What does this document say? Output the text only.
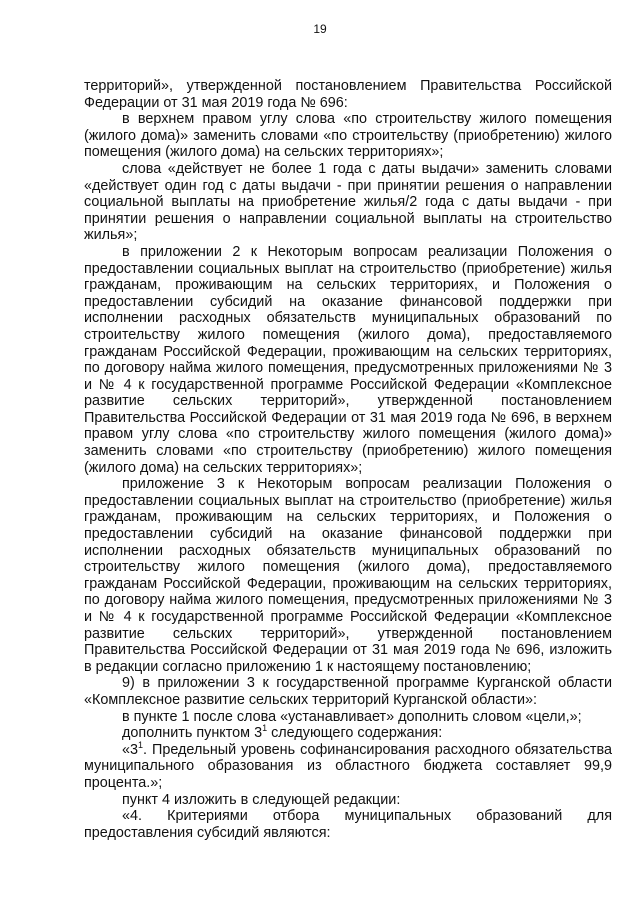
19

территорий», утвержденной постановлением Правительства Российской Федерации от 31 мая 2019 года № 696:

в верхнем правом углу слова «по строительству жилого помещения (жилого дома)» заменить словами «по строительству (приобретению) жилого помещения (жилого дома) на сельских территориях»;

слова «действует не более 1 года с даты выдачи» заменить словами «действует один год с даты выдачи - при принятии решения о направлении социальной выплаты на приобретение жилья/2 года с даты выдачи - при принятии решения о направлении социальной выплаты на строительство жилья»;

в приложении 2 к Некоторым вопросам реализации Положения о предоставлении социальных выплат на строительство (приобретение) жилья гражданам, проживающим на сельских территориях, и Положения о предоставлении субсидий на оказание финансовой поддержки при исполнении расходных обязательств муниципальных образований по строительству жилого помещения (жилого дома), предоставляемого гражданам Российской Федерации, проживающим на сельских территориях, по договору найма жилого помещения, предусмотренных приложениями № 3 и № 4 к государственной программе Российской Федерации «Комплексное развитие сельских территорий», утвержденной постановлением Правительства Российской Федерации от 31 мая 2019 года № 696, в верхнем правом углу слова «по строительству жилого помещения (жилого дома)» заменить словами «по строительству (приобретению) жилого помещения (жилого дома) на сельских территориях»;

приложение 3 к Некоторым вопросам реализации Положения о предоставлении социальных выплат на строительство (приобретение) жилья гражданам, проживающим на сельских территориях, и Положения о предоставлении субсидий на оказание финансовой поддержки при исполнении расходных обязательств муниципальных образований по строительству жилого помещения (жилого дома), предоставляемого гражданам Российской Федерации, проживающим на сельских территориях, по договору найма жилого помещения, предусмотренных приложениями № 3 и № 4 к государственной программе Российской Федерации «Комплексное развитие сельских территорий», утвержденной постановлением Правительства Российской Федерации от 31 мая 2019 года № 696, изложить в редакции согласно приложению 1 к настоящему постановлению;

9) в приложении 3 к государственной программе Курганской области «Комплексное развитие сельских территорий Курганской области»:

в пункте 1 после слова «устанавливает» дополнить словом «цели,»;

дополнить пунктом $3^1$ следующего содержания:

«$3^1$. Предельный уровень софинансирования расходного обязательства муниципального образования из областного бюджета составляет 99,9 процента.»;

пункт 4 изложить в следующей редакции:

«4. Критериями отбора муниципальных образований для предоставления субсидий являются:
